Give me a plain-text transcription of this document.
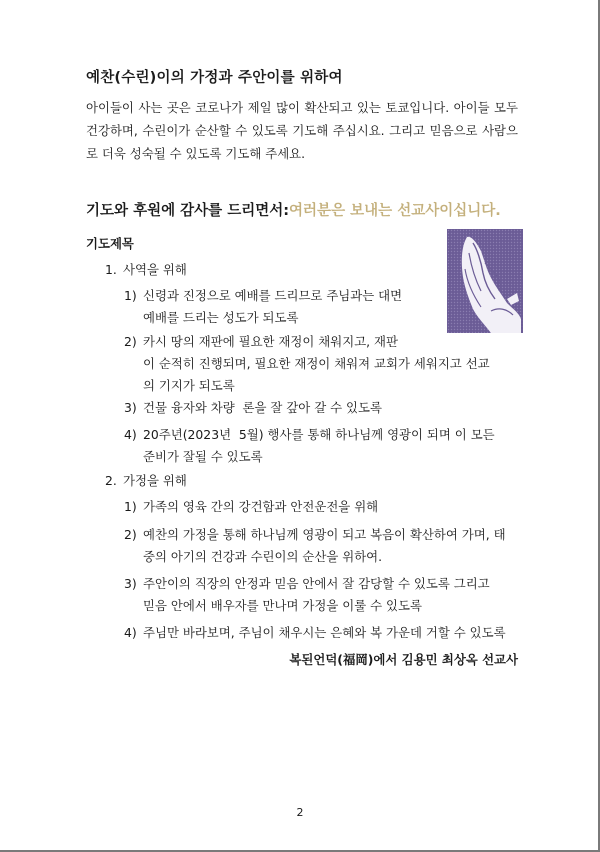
예찬(수린)이의 가정과 주안이를 위하여
아이들이 사는 곳은 코로나가 제일 많이 확산되고 있는 토쿄입니다. 아이들 모두 건강하며, 수린이가 순산할 수 있도록 기도해 주십시요. 그리고 믿음으로 사람으로 더욱 성숙될 수 있도록 기도해 주세요.
기도와 후원에 감사를 드리면서:여러분은 보내는 선교사이십니다.
기도제목
1. 사역을 위해
1) 신령과 진정으로 예배를 드리므로 주님과는 대면
예배를 드리는 성도가 되도록
2) 카시 땅의 재판에 필요한 재정이 채워지고, 재판
이 순적히 진행되며, 필요한 재정이 채워져 교회가 세워지고 선교
의 기지가 되도록
3) 건물 융자와 차량  론을 잘 갚아 갈 수 있도록
4) 20주년(2023년  5월) 행사를 통해 하나님께 영광이 되며 이 모든
준비가 잘될 수 있도록
2. 가정을 위해
1) 가족의 영육 간의 강건함과 안전운전을 위해
2) 예찬의 가정을 통해 하나님께 영광이 되고 복음이 확산하여 가며, 태
중의 아기의 건강과 수린이의 순산을 위하여.
3) 주안이의 직장의 안정과 믿음 안에서 잘 감당할 수 있도록 그리고
믿음 안에서 배우자를 만나며 가정을 이룰 수 있도록
4) 주님만 바라보며, 주님이 채우시는 은혜와 복 가운데 거할 수 있도록
복된언덕(福岡)에서 김용민 최상옥 선교사
2
